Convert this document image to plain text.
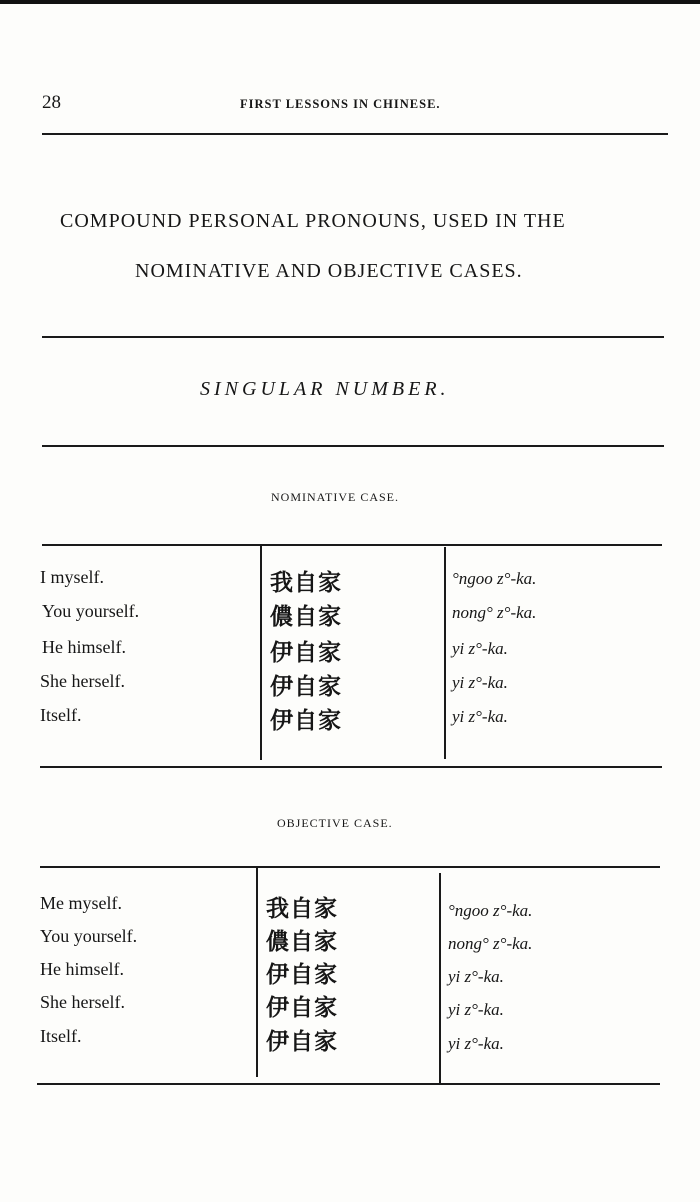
28	FIRST LESSONS IN CHINESE.
COMPOUND PERSONAL PRONOUNS, USED IN THE
NOMINATIVE AND OBJECTIVE CASES.
SINGULAR NUMBER.
NOMINATIVE CASE.
I myself.	我自家	°ngoo z°-ka.
You yourself.	儂自家	nong° z°-ka.
He himself.	伊自家	yi z°-ka.
She herself.	伊自家	yi z°-ka.
Itself.	伊自家	yi z°-ka.
OBJECTIVE CASE.
Me myself.	我自家	°ngoo z°-ka.
You yourself.	儂自家	nong° z°-ka.
He himself.	伊自家	yi z°-ka.
She herself.	伊自家	yi z°-ka.
Itself.	伊自家	yi z°-ka.
